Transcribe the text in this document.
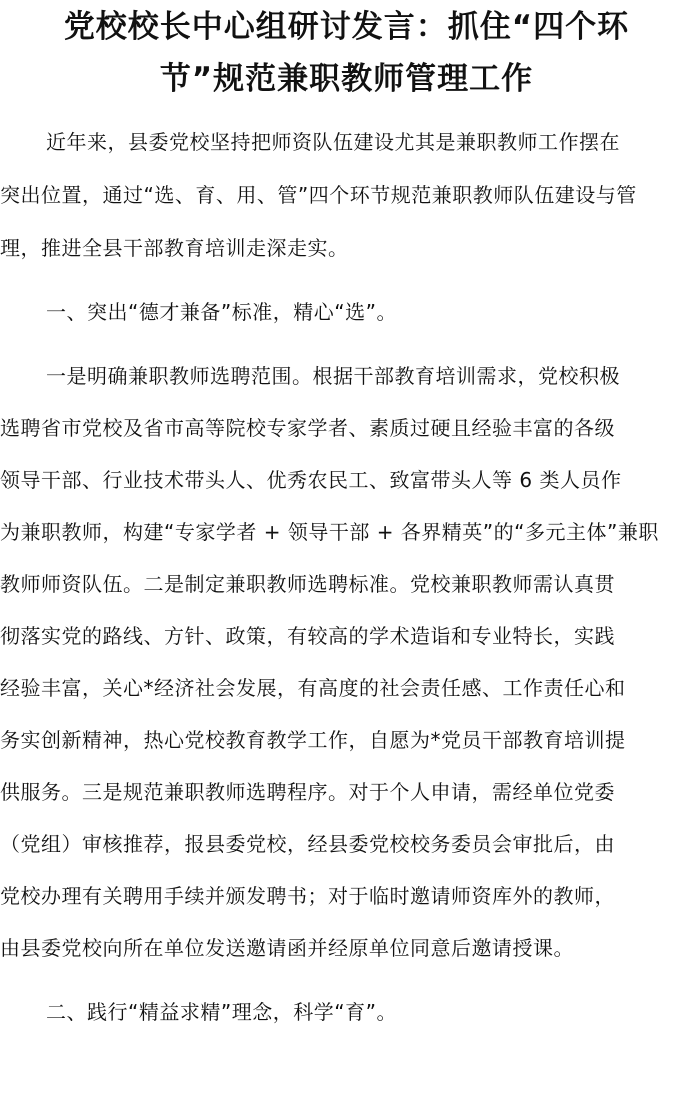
党校校长中心组研讨发言：抓住“四个环
节”规范兼职教师管理工作
近年来，县委党校坚持把师资队伍建设尤其是兼职教师工作摆在
突出位置，通过“选、育、用、管”四个环节规范兼职教师队伍建设与管
理，推进全县干部教育培训走深走实。
一、突出“德才兼备”标准，精心“选”。
一是明确兼职教师选聘范围。根据干部教育培训需求，党校积极
选聘省市党校及省市高等院校专家学者、素质过硬且经验丰富的各级
领导干部、行业技术带头人、优秀农民工、致富带头人等 6 类人员作
为兼职教师，构建“专家学者 + 领导干部 + 各界精英”的“多元主体”兼职
教师师资队伍。二是制定兼职教师选聘标准。党校兼职教师需认真贯
彻落实党的路线、方针、政策，有较高的学术造诣和专业特长，实践
经验丰富，关心*经济社会发展，有高度的社会责任感、工作责任心和
务实创新精神，热心党校教育教学工作，自愿为*党员干部教育培训提
供服务。三是规范兼职教师选聘程序。对于个人申请，需经单位党委
（党组）审核推荐，报县委党校，经县委党校校务委员会审批后，由
党校办理有关聘用手续并颁发聘书；对于临时邀请师资库外的教师，
由县委党校向所在单位发送邀请函并经原单位同意后邀请授课。
二、践行“精益求精”理念，科学“育”。
